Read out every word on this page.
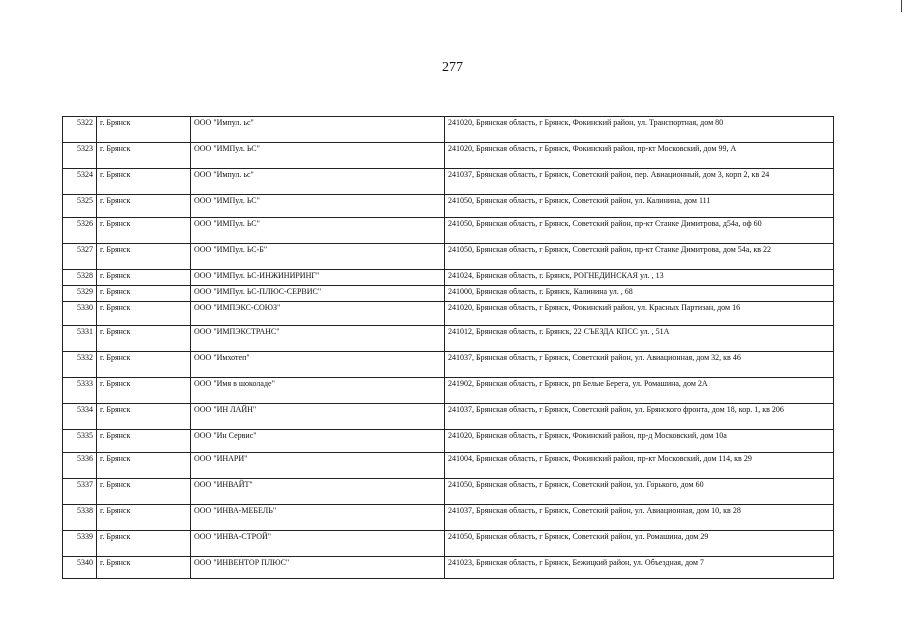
277
5322	г. Брянск	ООО "Импул. ьс"	241020, Брянская область, г Брянск, Фокинский район, ул. Транспортная, дом 80
5323	г. Брянск	ООО "ИМПул. ЬС"	241020, Брянская область, г Брянск, Фокинский район, пр-кт Московский, дом 99, А
5324	г. Брянск	ООО "Импул. ьс"	241037, Брянская область, г Брянск, Советский район, пер. Авиационный, дом 3, корп 2, кв 24
5325	г. Брянск	ООО "ИМПул. ЬС"	241050, Брянская область, г Брянск, Советский район, ул. Калинина, дом 111
5326	г. Брянск	ООО "ИМПул. ЬС"	241050, Брянская область, г Брянск, Советский район, пр-кт Станке Димитрова, д54а, оф 60
5327	г. Брянск	ООО "ИМПул. ЬС-Б"	241050, Брянская область, г Брянск, Советский район, пр-кт Станке Димитрова, дом 54а, кв 22
5328	г. Брянск	ООО "ИМПул. ЬС-ИНЖИНИРИНГ"	241024, Брянская область, г. Брянск, РОГНЕДИНСКАЯ ул. , 13
5329	г. Брянск	ООО "ИМПул. ЬС-ПЛЮС-СЕРВИС"	241000, Брянская область, г. Брянск, Калинина ул. , 68
5330	г. Брянск	ООО "ИМПЭКС-СОЮЗ"	241020, Брянская область, г Брянск, Фокинский район, ул. Красных Партизан, дом 16
5331	г. Брянск	ООО "ИМПЭКСТРАНС"	241012, Брянская область, г. Брянск, 22 СЪЕЗДА КПСС ул. , 51А
5332	г. Брянск	ООО "Имхотеп"	241037, Брянская область, г Брянск, Советский район, ул. Авиационная, дом 32, кв 46
5333	г. Брянск	ООО "Имя в шоколаде"	241902, Брянская область, г Брянск, рп Белые Берега, ул. Ромашина, дом 2А
5334	г. Брянск	ООО "ИН ЛАЙН"	241037, Брянская область, г Брянск, Советский район, ул. Брянского фронта, дом 18, кор. 1, кв 206
5335	г. Брянск	ООО "Ин Сервис"	241020, Брянская область, г Брянск, Фокинский район, пр-д Московский, дом 10а
5336	г. Брянск	ООО "ИНАРИ"	241004, Брянская область, г Брянск, Фокинский район, пр-кт Московский, дом 114, кв 29
5337	г. Брянск	ООО "ИНВАЙТ"	241050, Брянская область, г Брянск, Советский район, ул. Горького, дом 60
5338	г. Брянск	ООО "ИНВА-МЕБЕЛЬ"	241037, Брянская область, г Брянск, Советский район, ул. Авиационная, дом 10, кв 28
5339	г. Брянск	ООО "ИНВА-СТРОЙ"	241050, Брянская область, г Брянск, Советский район, ул. Ромашина, дом 29
5340	г. Брянск	ООО "ИНВЕНТОР ПЛЮС"	241023, Брянская область, г Брянск, Бежицкий район, ул. Объездная, дом 7
